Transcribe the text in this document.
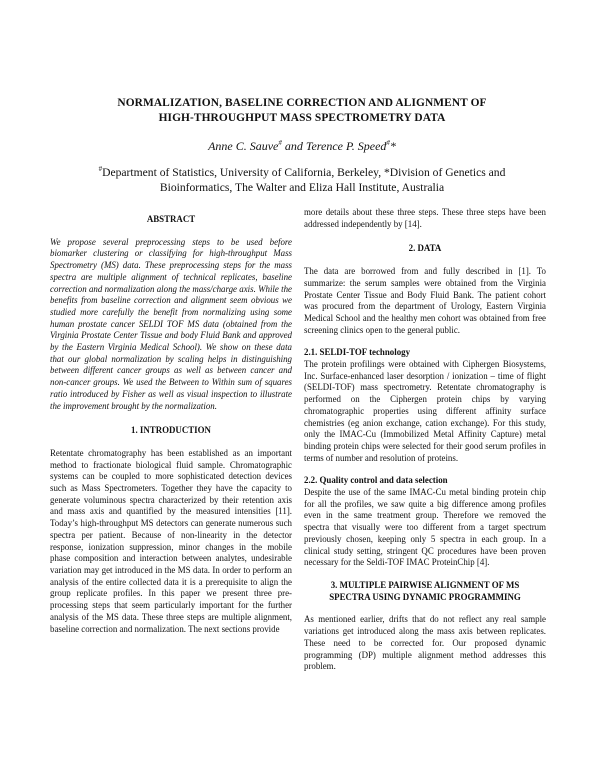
NORMALIZATION, BASELINE CORRECTION AND ALIGNMENT OF
HIGH-THROUGHPUT MASS SPECTROMETRY DATA
Anne C. Sauve# and Terence P. Speed#*
#Department of Statistics, University of California, Berkeley, *Division of Genetics and
Bioinformatics, The Walter and Eliza Hall Institute, Australia
ABSTRACT

We propose several preprocessing steps to be used before biomarker clustering or classifying for high-throughput Mass Spectrometry (MS) data. These preprocessing steps for the mass spectra are multiple alignment of technical replicates, baseline correction and normalization along the mass/charge axis. While the benefits from baseline correction and alignment seem obvious we studied more carefully the benefit from normalizing using some human prostate cancer SELDI TOF MS data (obtained from the Virginia Prostate Center Tissue and body Fluid Bank and approved by the Eastern Virginia Medical School). We show on these data that our global normalization by scaling helps in distinguishing between different cancer groups as well as between cancer and non-cancer groups. We used the Between to Within sum of squares ratio introduced by Fisher as well as visual inspection to illustrate the improvement brought by the normalization.

1. INTRODUCTION

Retentate chromatography has been established as an important method to fractionate biological fluid sample. Chromatographic systems can be coupled to more sophisticated detection devices such as Mass Spectrometers. Together they have the capacity to generate voluminous spectra characterized by their retention axis and mass axis and quantified by the measured intensities [11]. Today’s high-throughput MS detectors can generate numerous such spectra per patient. Because of non-linearity in the detector response, ionization suppression, minor changes in the mobile phase composition and interaction between analytes, undesirable variation may get introduced in the MS data. In order to perform an analysis of the entire collected data it is a prerequisite to align the group replicate profiles. In this paper we present three pre-processing steps that seem particularly important for the further analysis of the MS data. These three steps are multiple alignment, baseline correction and normalization. The next sections provide

more details about these three steps. These three steps have been addressed independently by [14].

2. DATA

The data are borrowed from and fully described in [1]. To summarize: the serum samples were obtained from the Virginia Prostate Center Tissue and Body Fluid Bank. The patient cohort was procured from the department of Urology, Eastern Virginia Medical School and the healthy men cohort was obtained from free screening clinics open to the general public.

2.1. SELDI-TOF technology

The protein profilings were obtained with Ciphergen Biosystems, Inc. Surface-enhanced laser desorption / ionization – time of flight (SELDI-TOF) mass spectrometry. Retentate chromatography is performed on the Ciphergen protein chips by varying chromatographic properties using different affinity surface chemistries (eg anion exchange, cation exchange). For this study, only the IMAC-Cu (Immobilized Metal Affinity Capture) metal binding protein chips were selected for their good serum profiles in terms of number and resolution of proteins.

2.2. Quality control and data selection

Despite the use of the same IMAC-Cu metal binding protein chip for all the profiles, we saw quite a big difference among profiles even in the same treatment group. Therefore we removed the spectra that visually were too different from a target spectrum previously chosen, keeping only 5 spectra in each group. In a clinical study setting, stringent QC procedures have been proven necessary for the Seldi-TOF IMAC ProteinChip [4].

3. MULTIPLE PAIRWISE ALIGNMENT OF MS
SPECTRA USING DYNAMIC PROGRAMMING

As mentioned earlier, drifts that do not reflect any real sample variations get introduced along the mass axis between replicates. These need to be corrected for. Our proposed dynamic programming (DP) multiple alignment method addresses this problem.
